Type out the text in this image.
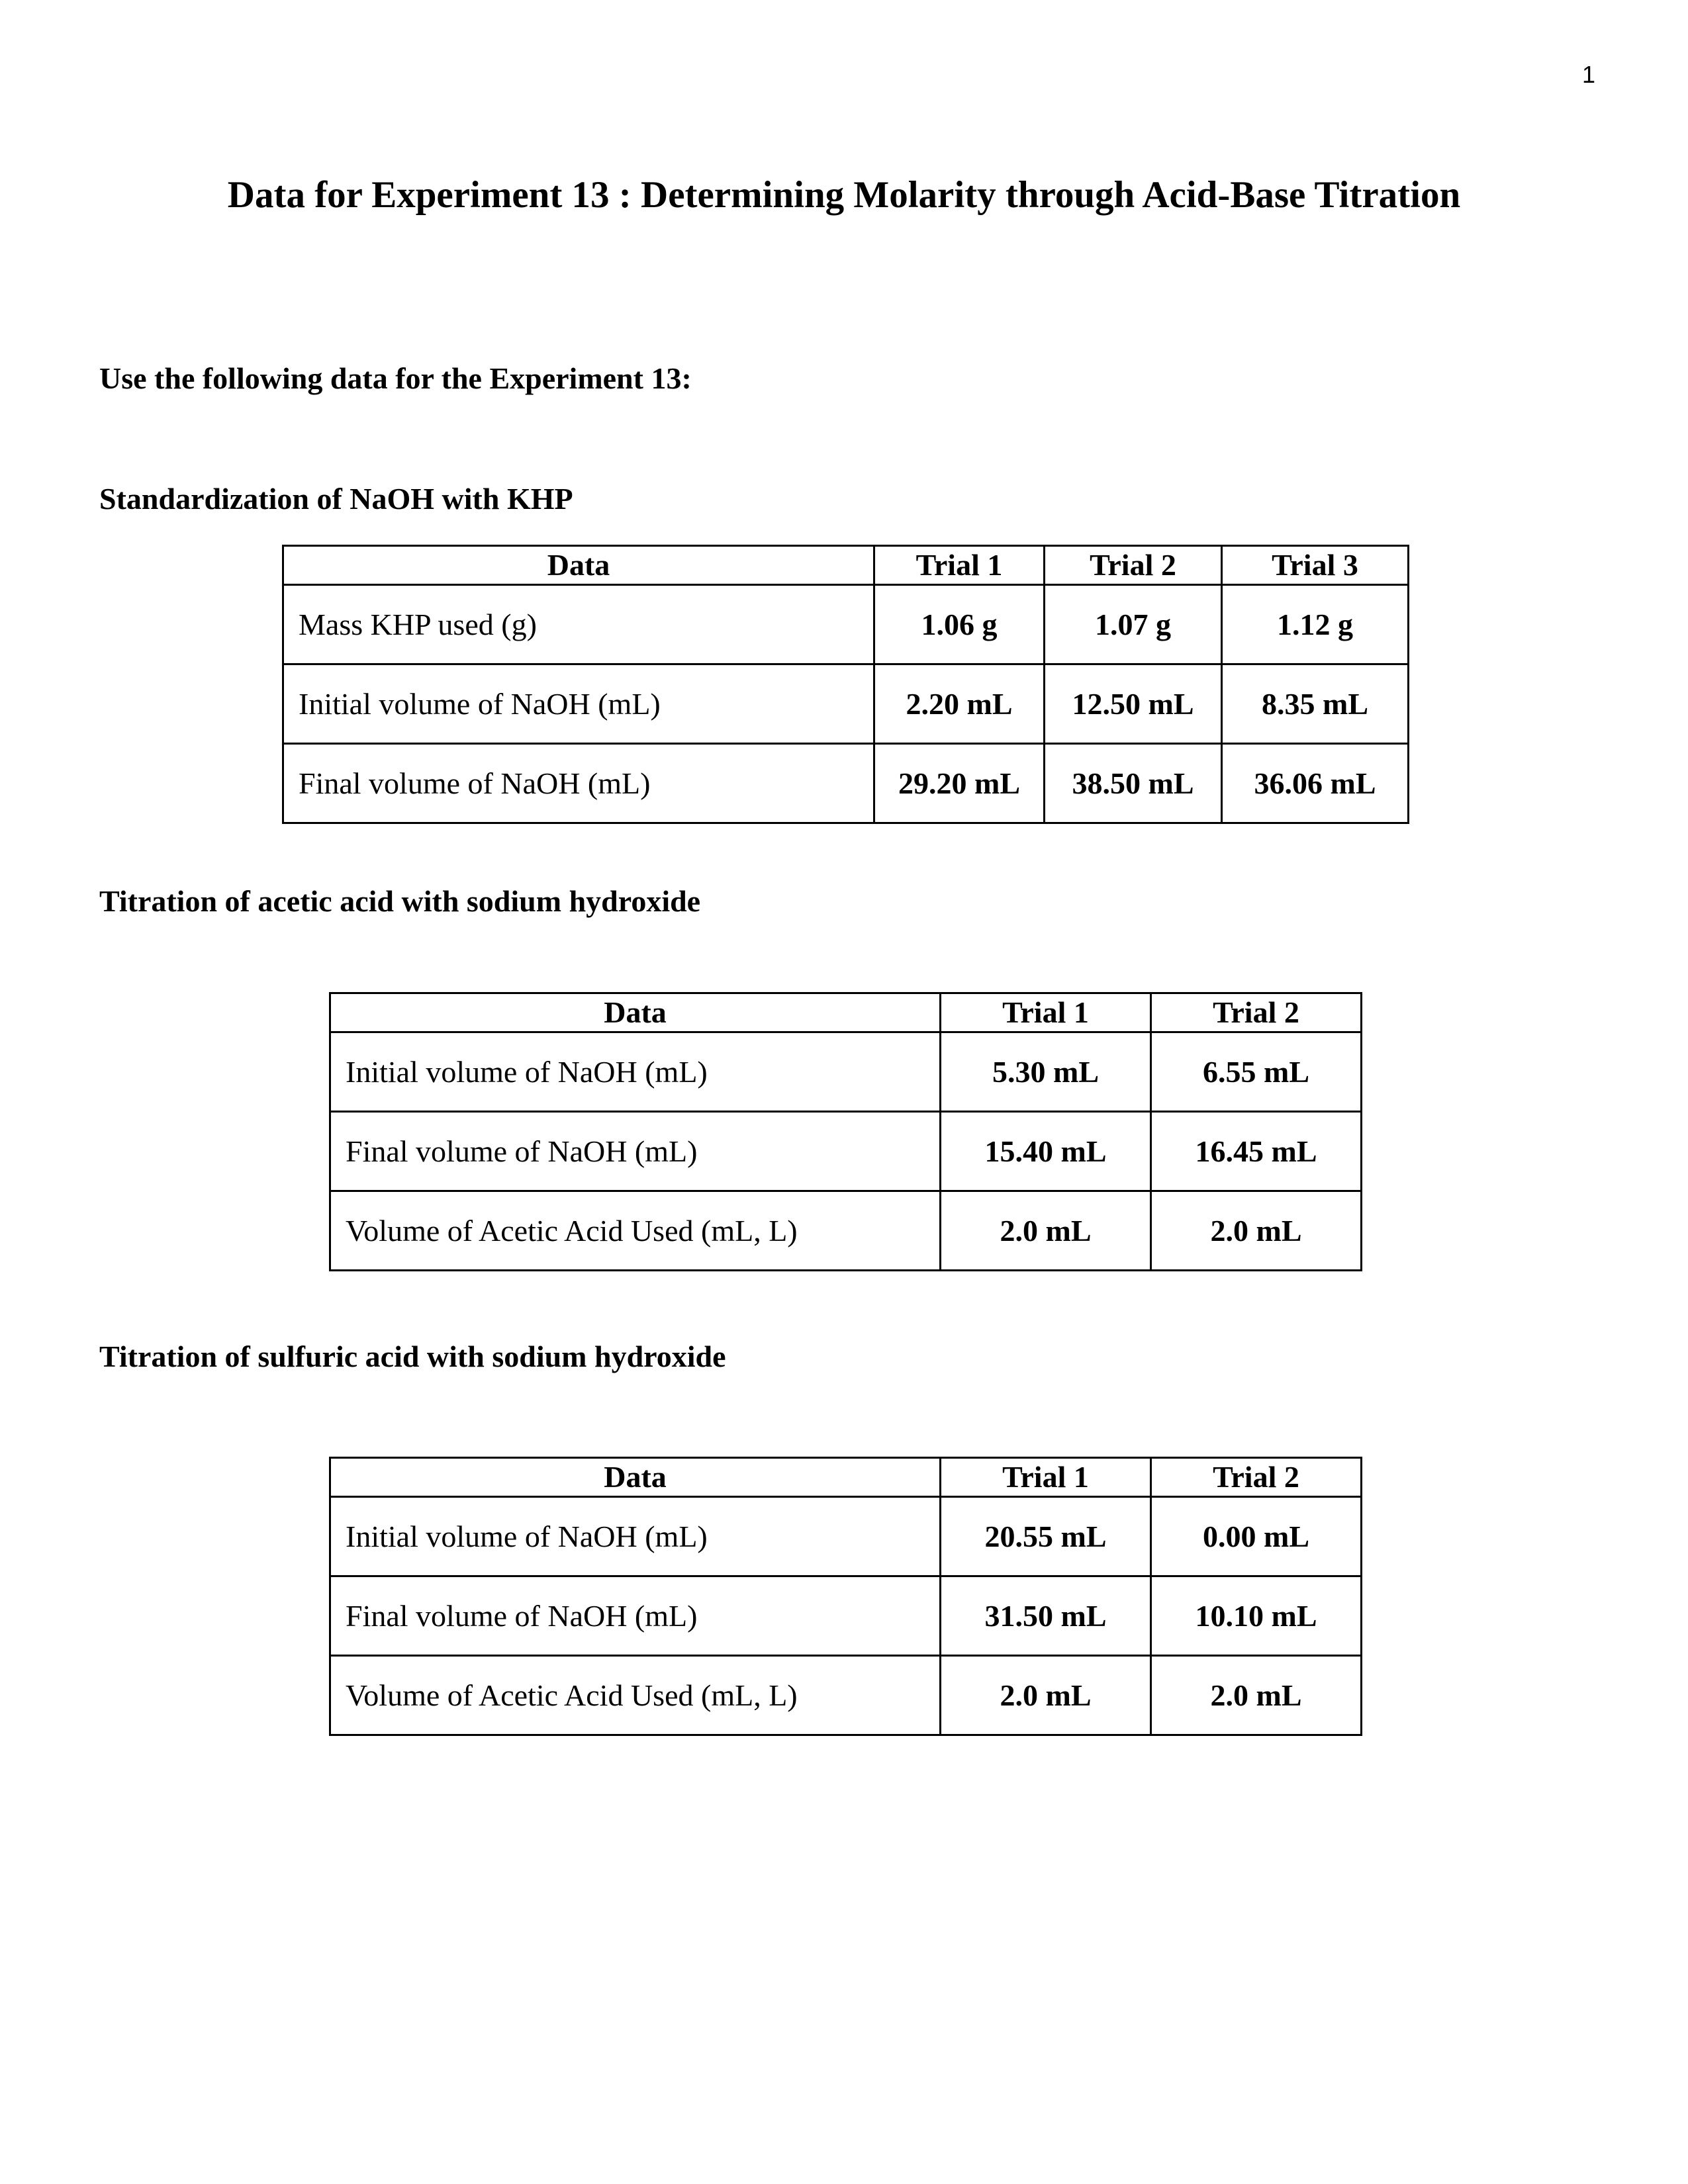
1
Data for Experiment 13 : Determining Molarity through Acid-Base Titration

Use the following data for the Experiment 13:

Standardization of NaOH with KHP
Data	Trial 1	Trial 2	Trial 3
Mass KHP used (g)	1.06 g	1.07 g	1.12 g
Initial volume of NaOH (mL)	2.20 mL	12.50 mL	8.35 mL
Final volume of NaOH (mL)	29.20 mL	38.50 mL	36.06 mL
Titration of acetic acid with sodium hydroxide
Data	Trial 1	Trial 2
Initial volume of NaOH (mL)	5.30 mL	6.55 mL
Final volume of NaOH (mL)	15.40 mL	16.45 mL
Volume of Acetic Acid Used (mL, L)	2.0 mL	2.0 mL
Titration of sulfuric acid with sodium hydroxide
Data	Trial 1	Trial 2
Initial volume of NaOH (mL)	20.55 mL	0.00 mL
Final volume of NaOH (mL)	31.50 mL	10.10 mL
Volume of Acetic Acid Used (mL, L)	2.0 mL	2.0 mL
